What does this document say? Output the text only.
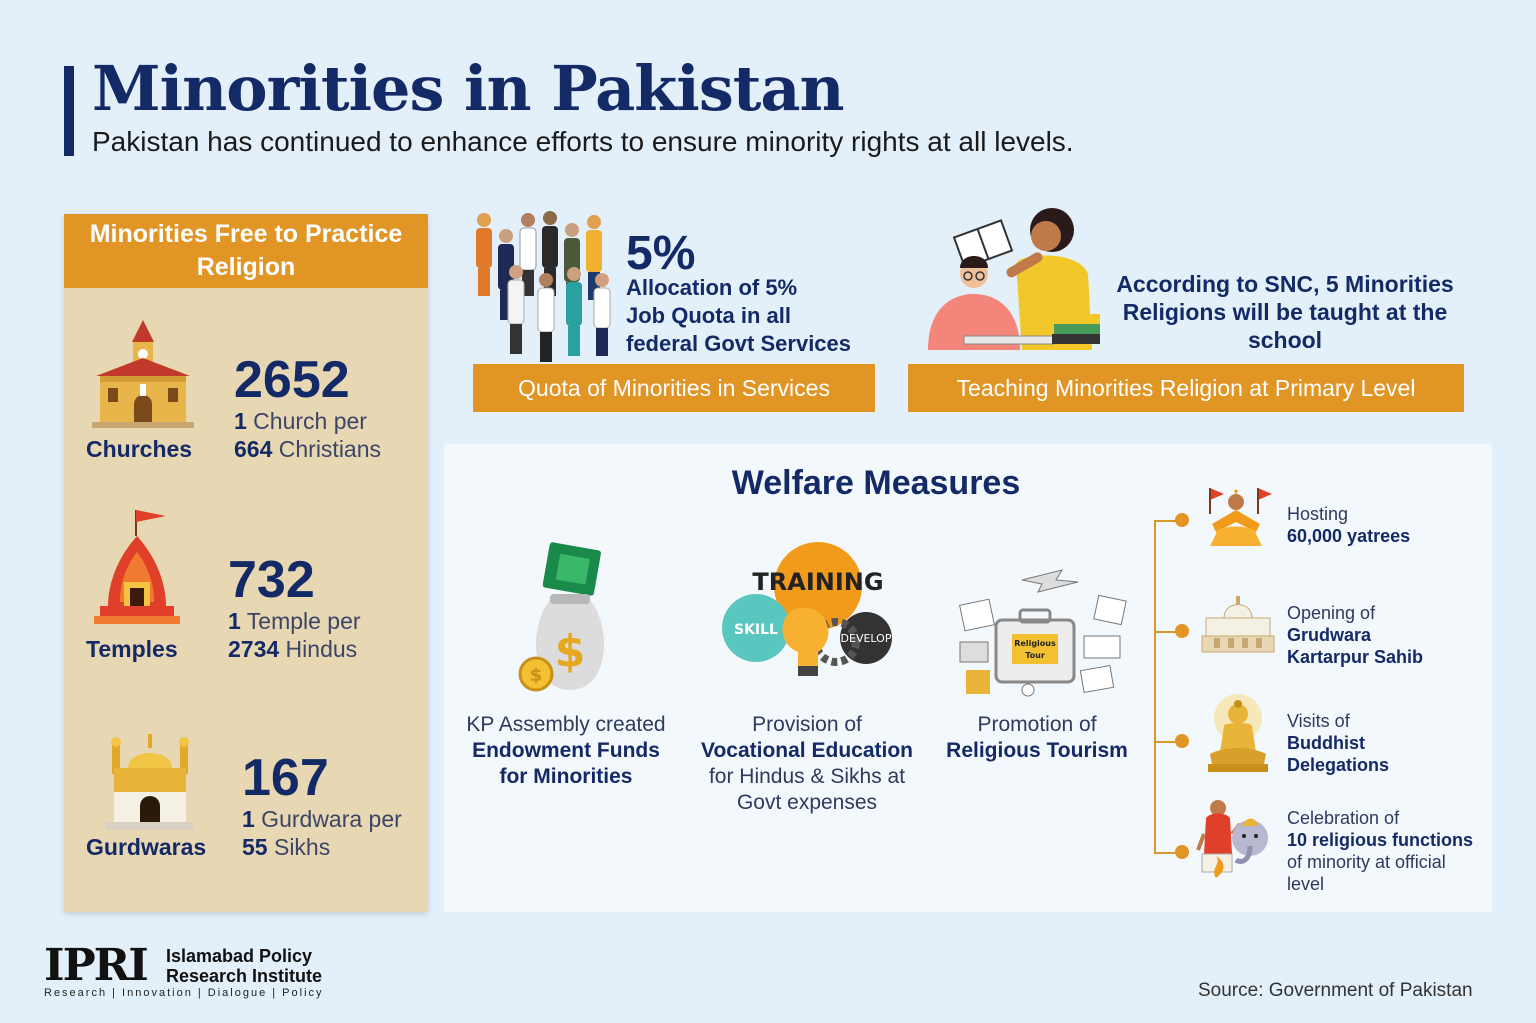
Minorities in Pakistan
Pakistan has continued to enhance efforts to ensure minority rights at all levels.
Minorities Free to Practice Religion
Churches
2652
1 Church per
664 Christians
Temples
732
1 Temple per
2734 Hindus
Gurdwaras
167
1 Gurdwara per
55 Sikhs
5%
Allocation of 5%
Job Quota in all
federal Govt Services
Quota of Minorities in Services
According to SNC, 5 Minorities Religions will be taught at the school
Teaching Minorities Religion at Primary Level
Welfare Measures
$
$
KP Assembly created
Endowment Funds
for Minorities
TRAINING
SKILL
DEVELOP
Provision of
Vocational Education
for Hindus & Sikhs at
Govt expenses
Religious
Tour
Promotion of
Religious Tourism
Hosting
60,000 yatrees
Opening of
Grudwara
Kartarpur Sahib
Visits of
Buddhist
Delegations
Celebration of
10 religious functions
of minority at official
level
IPRI Islamabad Policy
Research Institute
Research | Innovation | Dialogue | Policy	Source: Government of Pakistan
